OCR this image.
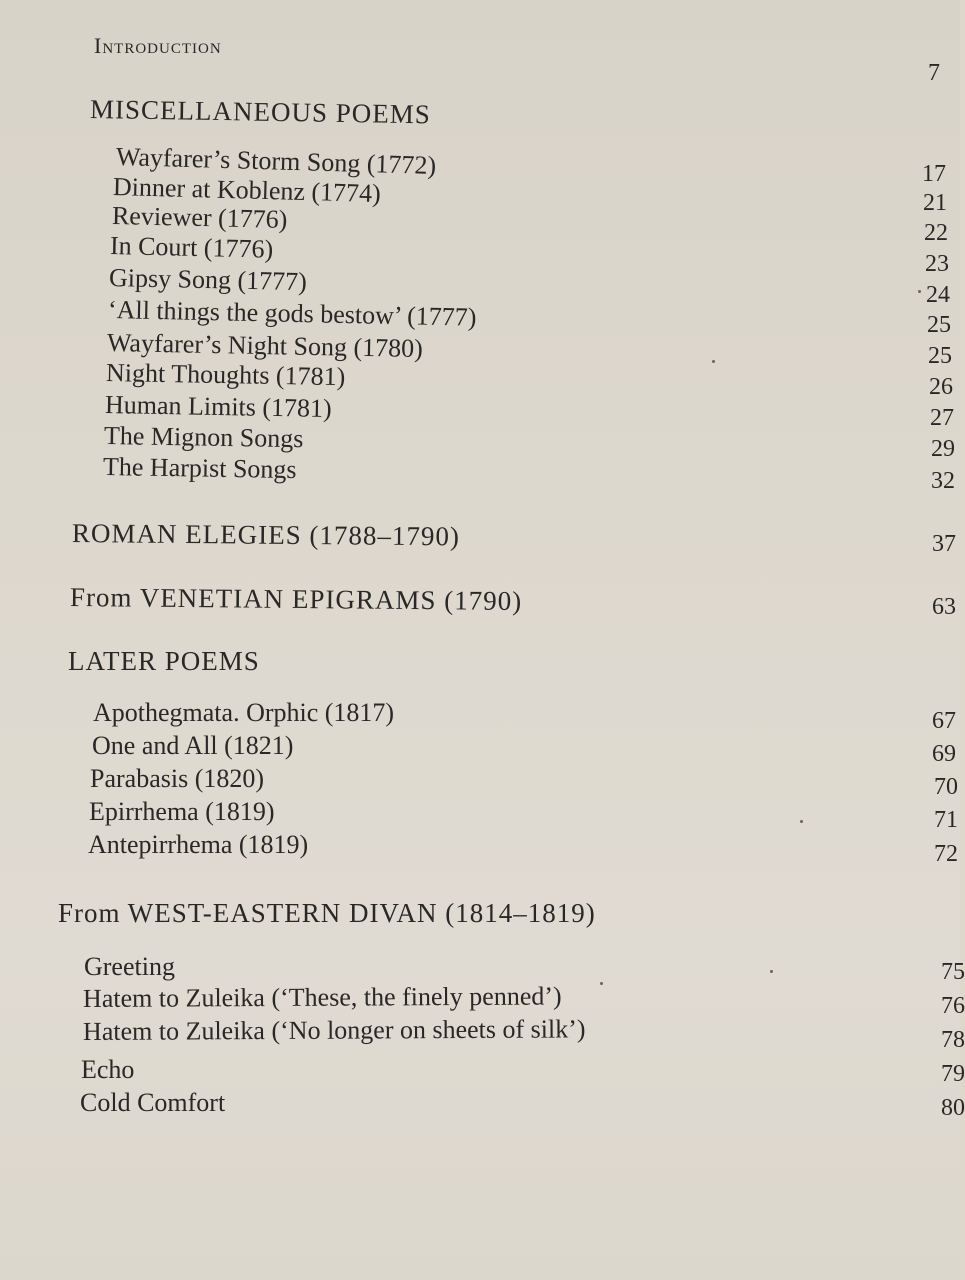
Introduction
7
MISCELLANEOUS POEMS
Wayfarer’s Storm Song (1772)
Dinner at Koblenz (1774)
Reviewer (1776)
In Court (1776)
Gipsy Song (1777)
‘All things the gods bestow’ (1777)
Wayfarer’s Night Song (1780)
Night Thoughts (1781)
Human Limits (1781)
The Mignon Songs
The Harpist Songs
17
21
22
23
24
25
25
26
27
29
32
ROMAN ELEGIES (1788–1790)	37
From VENETIAN EPIGRAMS (1790)	63
LATER POEMS
Apothegmata. Orphic (1817)
One and All (1821)
Parabasis (1820)
Epirrhema (1819)
Antepirrhema (1819)
67
69
70
71
72
From WEST-EASTERN DIVAN (1814–1819)
Greeting
Hatem to Zuleika (‘These, the finely penned’)
Hatem to Zuleika (‘No longer on sheets of silk’)
Echo
Cold Comfort
75
76
78
79
80
